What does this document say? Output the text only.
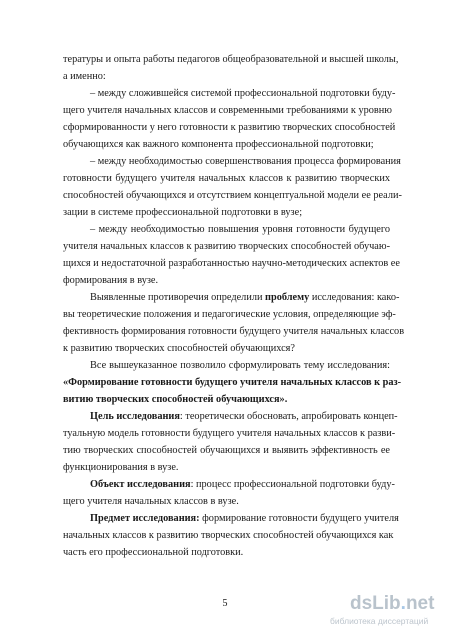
тературы и опыта работы педагогов общеобразовательной и высшей школы,
а именно:
– между сложившейся системой профессиональной подготовки буду-
щего учителя начальных классов и современными требованиями к уровню
сформированности у него готовности к развитию творческих способностей
обучающихся как важного компонента профессиональной подготовки;
– между необходимостью совершенствования процесса формирования
готовности будущего учителя начальных классов к развитию творческих
способностей обучающихся и отсутствием концептуальной модели ее реали-
зации в системе профессиональной подготовки в вузе;
– между необходимостью повышения уровня готовности будущего
учителя начальных классов к развитию творческих способностей обучаю-
щихся и недостаточной разработанностью научно-методических аспектов ее
формирования в вузе.
Выявленные противоречия определили проблему исследования: како-
вы теоретические положения и педагогические условия, определяющие эф-
фективность формирования готовности будущего учителя начальных классов
к развитию творческих способностей обучающихся?
Все вышеуказанное позволило сформулировать тему исследования:
«Формирование готовности будущего учителя начальных классов к раз-
витию творческих способностей обучающихся».
Цель исследования: теоретически обосновать, апробировать концеп-
туальную модель готовности будущего учителя начальных классов к разви-
тию творческих способностей обучающихся и выявить эффективность ее
функционирования в вузе.
Объект исследования: процесс профессиональной подготовки буду-
щего учителя начальных классов в вузе.
Предмет исследования: формирование готовности будущего учителя
начальных классов к развитию творческих способностей обучающихся как
часть его профессиональной подготовки.
5	dsLib.net
библиотека диссертаций
